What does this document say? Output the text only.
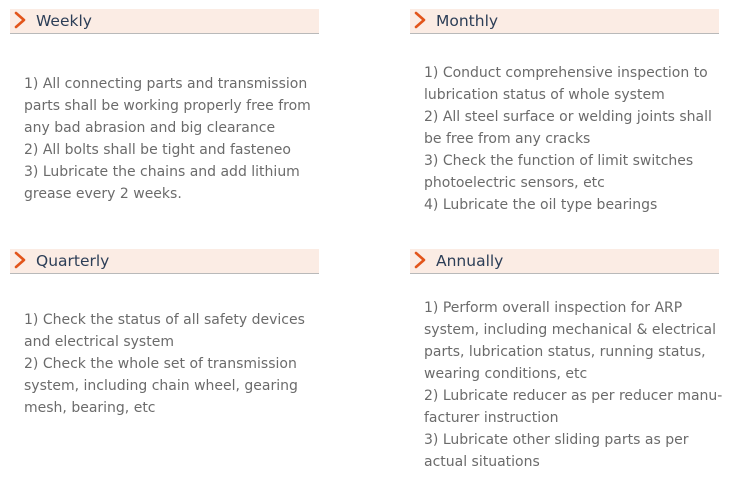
Weekly
1) All connecting parts and transmission
parts shall be working properly free from
any bad abrasion and big clearance
2) All bolts shall be tight and fasteneo
3) Lubricate the chains and add lithium
grease every 2 weeks.
Monthly
1) Conduct comprehensive inspection to
lubrication status of whole system
2) All steel surface or welding joints shall
be free from any cracks
3) Check the function of limit switches
photoelectric sensors, etc
4) Lubricate the oil type bearings
Quarterly
1) Check the status of all safety devices
and electrical system
2) Check the whole set of transmission
system, including chain wheel, gearing
mesh, bearing, etc
Annually
1) Perform overall inspection for ARP
system, including mechanical & electrical
parts, lubrication status, running status,
wearing conditions, etc
2) Lubricate reducer as per reducer manu-
facturer instruction
3) Lubricate other sliding parts as per
actual situations
